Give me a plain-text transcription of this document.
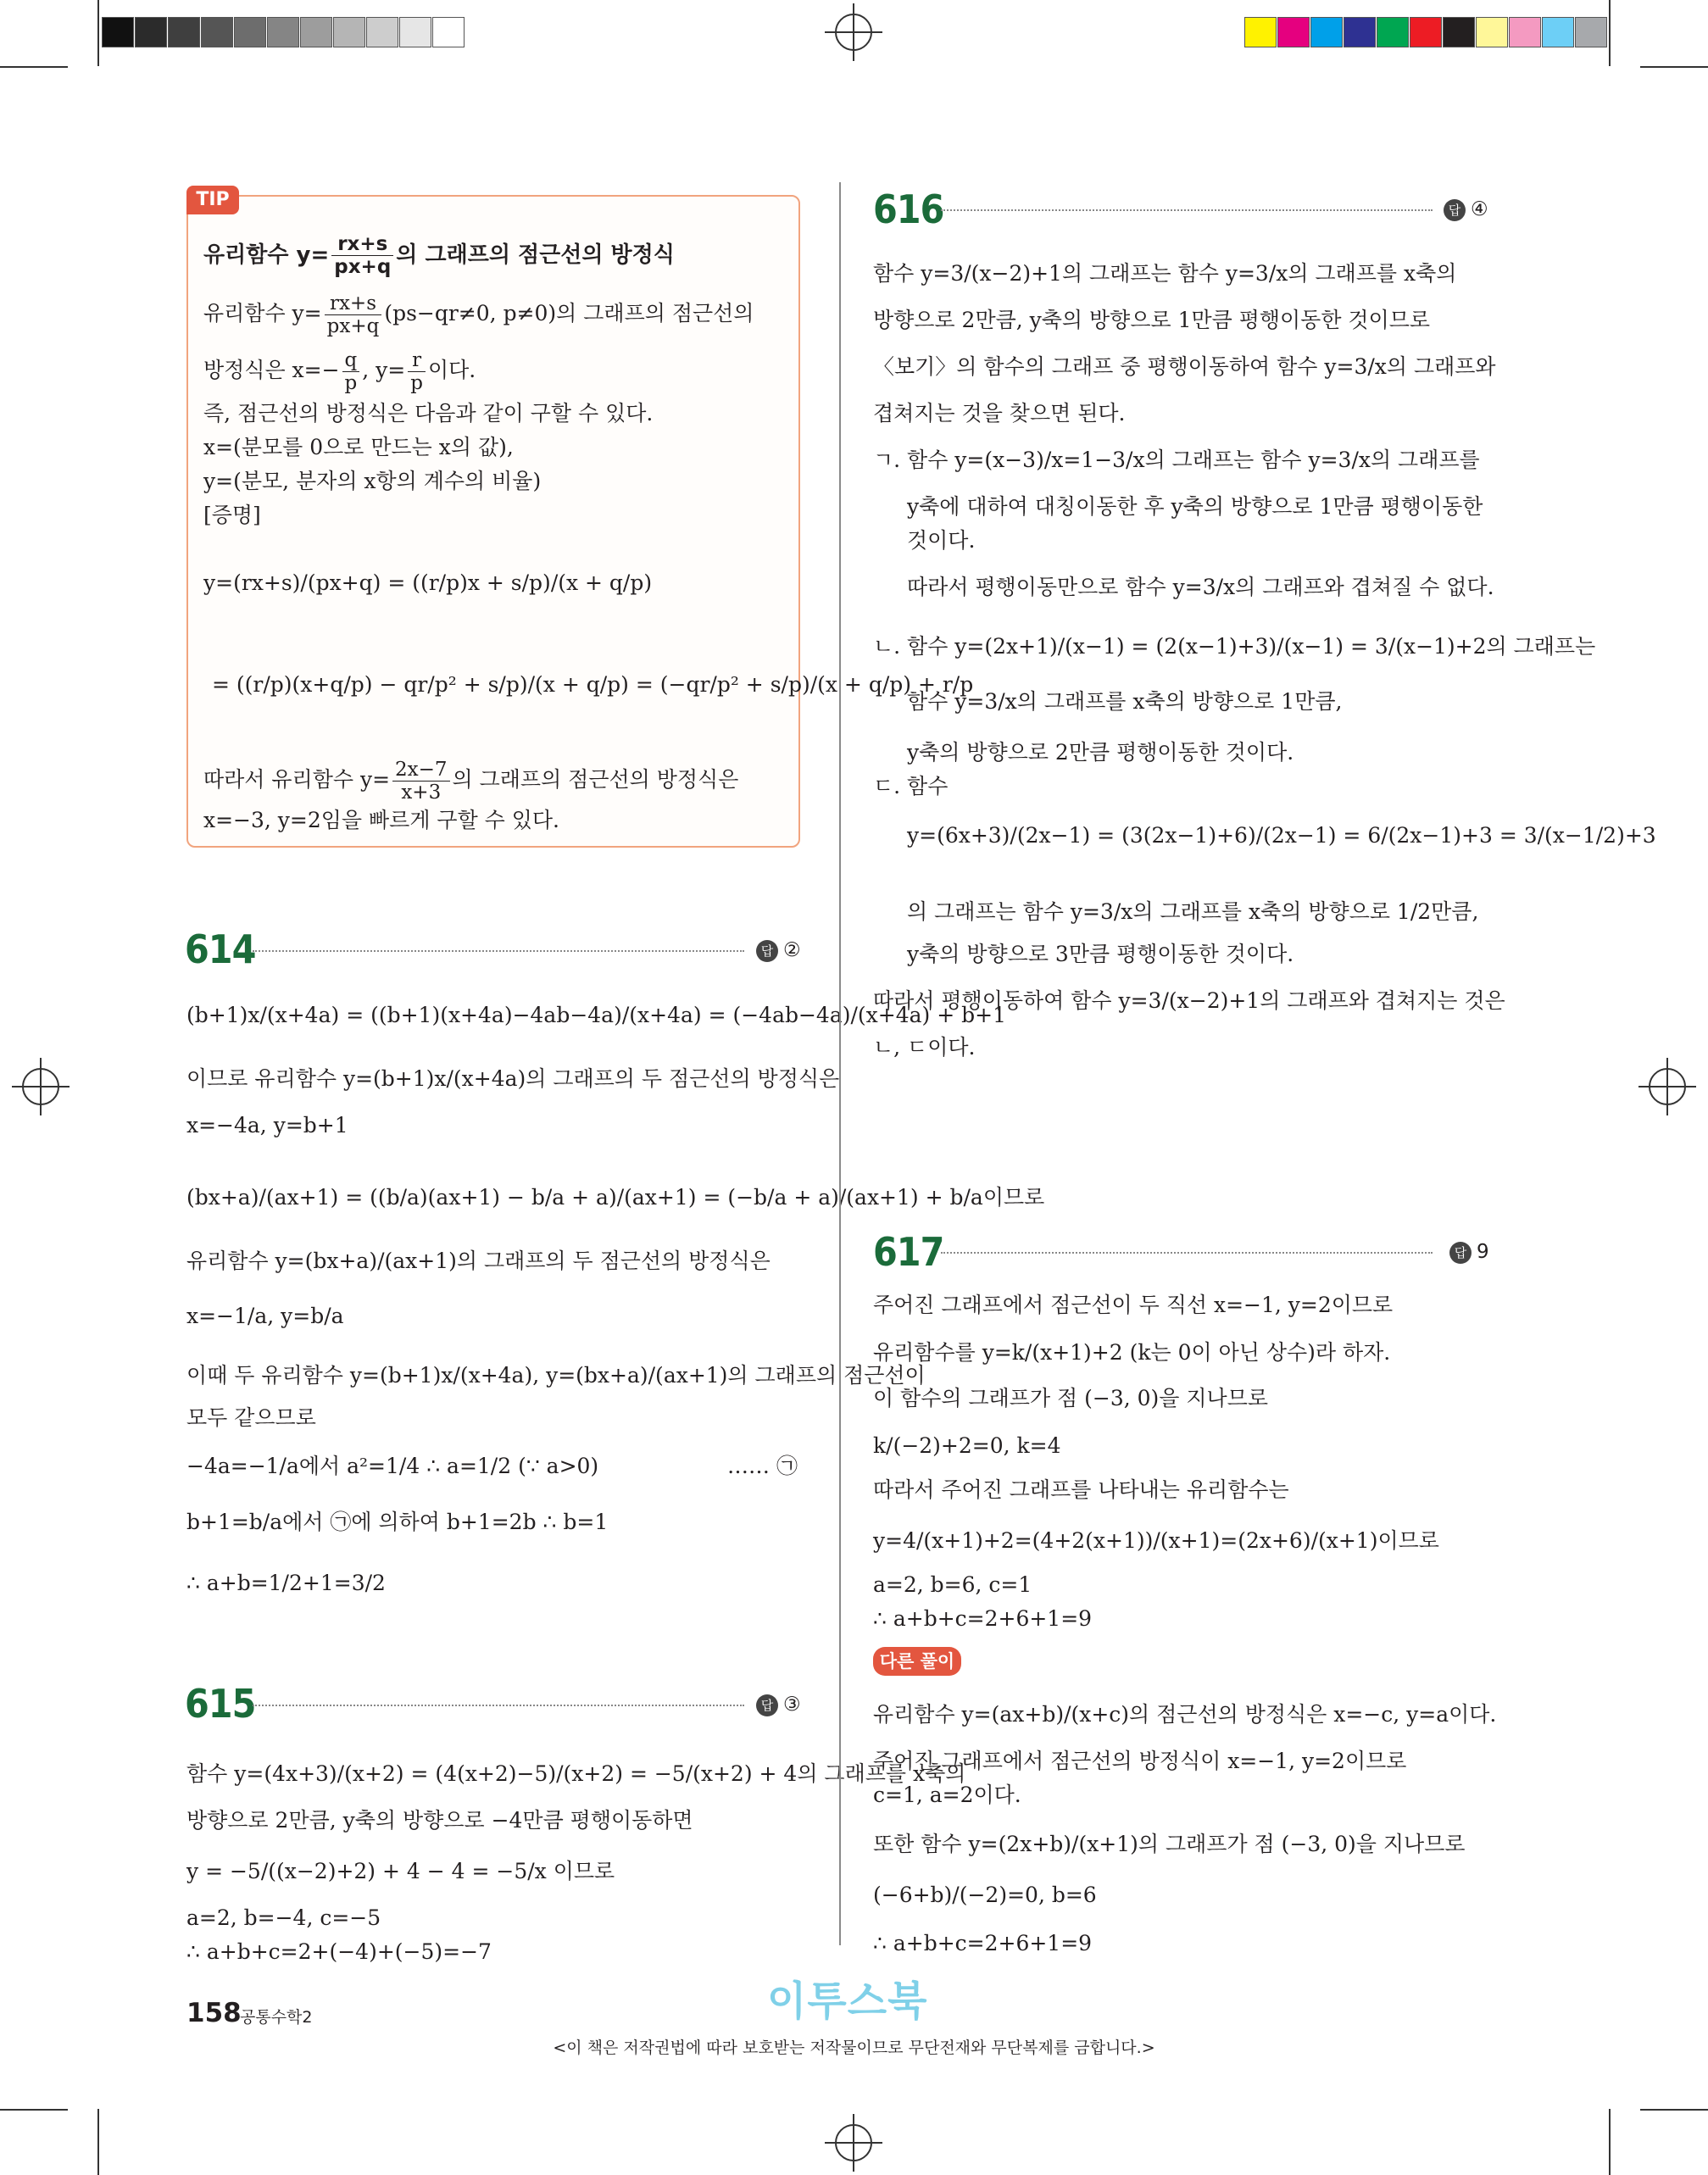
TIP
유리함수 $y= \frac{rx+s}{px+q}$ 의 그래프의 점근선의 방정식
유리함수 $y= \frac{rx+s}{px+q} (ps-qr\ne 0$, p≠0)의 그래프의 점근선의
방정식은 $x=- \frac{q}{p}$ , $y= \frac{r}{p}$ 이다.
즉, 점근선의 방정식은 다음과 같이 구할 수 있다.
x=(분모를 0으로 만드는 x의 값),
y=(분모, 분자의 x항의 계수의 비율)
[증명]
y=(rx+s)/(px+q) = ((r/p)x + s/p)/(x + q/p)
= ((r/p)(x+q/p) − qr/p² + s/p)/(x + q/p) = (−qr/p² + s/p)/(x + q/p) + r/p
따라서 유리함수 $y= \frac{2x-7}{x+3}$ 의 그래프의 점근선의 방정식은
x=−3, y=2임을 빠르게 구할 수 있다.
614	답 ②
(b+1)x/(x+4a) = ((b+1)(x+4a)−4ab−4a)/(x+4a) = (−4ab−4a)/(x+4a) + b+1
이므로 유리함수 y=(b+1)x/(x+4a)의 그래프의 두 점근선의 방정식은
x=−4a, y=b+1
(bx+a)/(ax+1) = ((b/a)(ax+1) − b/a + a)/(ax+1) = (−b/a + a)/(ax+1) + b/a이므로
유리함수 y=(bx+a)/(ax+1)의 그래프의 두 점근선의 방정식은
x=−1/a, y=b/a
이때 두 유리함수 y=(b+1)x/(x+4a), y=(bx+a)/(ax+1)의 그래프의 점근선이
모두 같으므로
−4a=−1/a에서 a²=1/4 ∴ a=1/2 (∵ a>0)
b+1=b/a에서 ㉠에 의하여 b+1=2b ∴ b=1
∴ a+b=1/2+1=3/2
…… ㉠
615	답 ③
함수 y=(4x+3)/(x+2) = (4(x+2)−5)/(x+2) = −5/(x+2) + 4의 그래프를 x축의
방향으로 2만큼, y축의 방향으로 −4만큼 평행이동하면
y = −5/((x−2)+2) + 4 − 4 = −5/x 이므로
a=2, b=−4, c=−5
∴ a+b+c=2+(−4)+(−5)=−7
616	답 ④
함수 y=3/(x−2)+1의 그래프는 함수 y=3/x의 그래프를 x축의
방향으로 2만큼, y축의 방향으로 1만큼 평행이동한 것이므로
〈보기〉의 함수의 그래프 중 평행이동하여 함수 y=3/x의 그래프와
겹쳐지는 것을 찾으면 된다.
ㄱ. 함수 y=(x−3)/x=1−3/x의 그래프는 함수 y=3/x의 그래프를
y축에 대하여 대칭이동한 후 y축의 방향으로 1만큼 평행이동한
것이다.
따라서 평행이동만으로 함수 y=3/x의 그래프와 겹쳐질 수 없다.
ㄴ. 함수 y=(2x+1)/(x−1) = (2(x−1)+3)/(x−1) = 3/(x−1)+2의 그래프는
함수 y=3/x의 그래프를 x축의 방향으로 1만큼,
y축의 방향으로 2만큼 평행이동한 것이다.
ㄷ. 함수
y=(6x+3)/(2x−1) = (3(2x−1)+6)/(2x−1) = 6/(2x−1)+3 = 3/(x−1/2)+3
의 그래프는 함수 y=3/x의 그래프를 x축의 방향으로 1/2만큼,
y축의 방향으로 3만큼 평행이동한 것이다.
따라서 평행이동하여 함수 y=3/(x−2)+1의 그래프와 겹쳐지는 것은
ㄴ, ㄷ이다.
617	답 9
주어진 그래프에서 점근선이 두 직선 x=−1, y=2이므로
유리함수를 y=k/(x+1)+2 (k는 0이 아닌 상수)라 하자.
이 함수의 그래프가 점 (−3, 0)을 지나므로
k/(−2)+2=0, k=4
따라서 주어진 그래프를 나타내는 유리함수는
y=4/(x+1)+2=(4+2(x+1))/(x+1)=(2x+6)/(x+1)이므로
a=2, b=6, c=1
∴ a+b+c=2+6+1=9
다른 풀이
유리함수 y=(ax+b)/(x+c)의 점근선의 방정식은 x=−c, y=a이다.
주어진 그래프에서 점근선의 방정식이 x=−1, y=2이므로
c=1, a=2이다.
또한 함수 y=(2x+b)/(x+1)의 그래프가 점 (−3, 0)을 지나므로
(−6+b)/(−2)=0, b=6
∴ a+b+c=2+6+1=9
158
공통수학2	이투스북
<이 책은 저작권법에 따라 보호받는 저작물이므로 무단전재와 무단복제를 금합니다.>
